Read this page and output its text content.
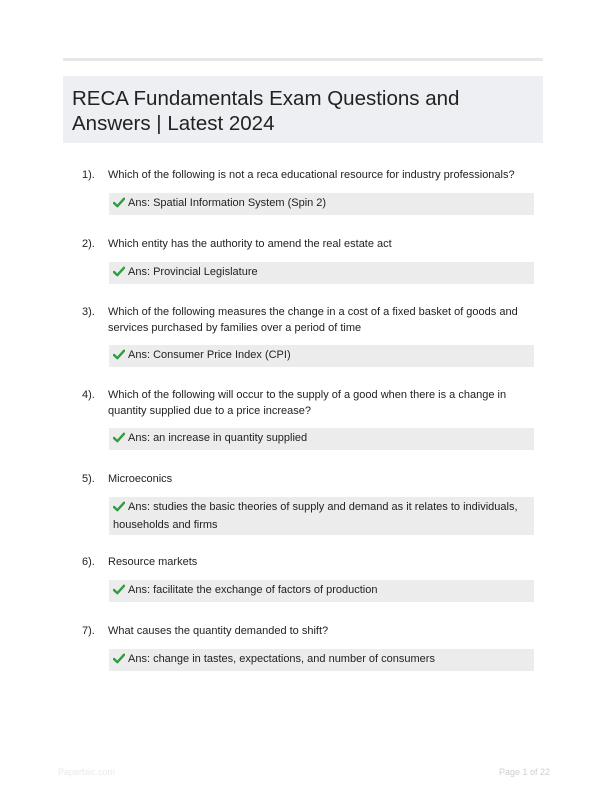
RECA Fundamentals Exam Questions and Answers | Latest 2024
1). Which of the following is not a reca educational resource for industry professionals?
Ans: Spatial Information System (Spin 2)
2). Which entity has the authority to amend the real estate act
Ans: Provincial Legislature
3). Which of the following measures the change in a cost of a fixed basket of goods and services purchased by families over a period of time
Ans: Consumer Price Index (CPI)
4). Which of the following will occur to the supply of a good when there is a change in quantity supplied due to a price increase?
Ans: an increase in quantity supplied
5). Microeconics
Ans: studies the basic theories of supply and demand as it relates to individuals, households and firms
6). Resource markets
Ans: facilitate the exchange of factors of production
7). What causes the quantity demanded to shift?
Ans: change in tastes, expectations, and number of consumers
Paperbiic.com	Page 1 of 22
